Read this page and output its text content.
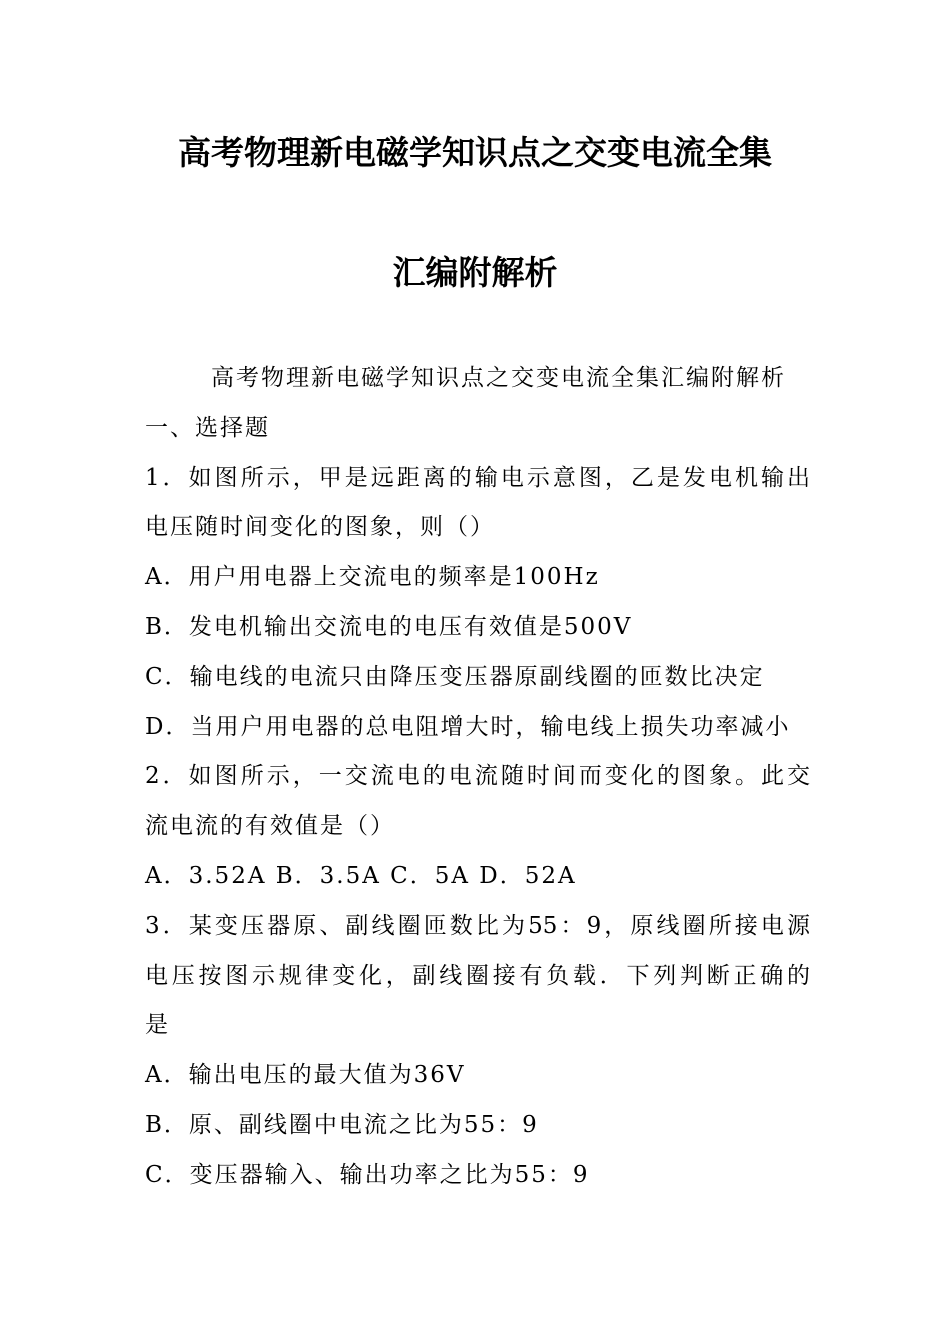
高考物理新电磁学知识点之交变电流全集
汇编附解析
高考物理新电磁学知识点之交变电流全集汇编附解析
一、选择题
1．如图所示，甲是远距离的输电示意图，乙是发电机输出
电压随时间变化的图象，则（）
A．用户用电器上交流电的频率是100Hz
B．发电机输出交流电的电压有效值是500V
C．输电线的电流只由降压变压器原副线圈的匝数比决定
D．当用户用电器的总电阻增大时，输电线上损失功率减小
2．如图所示，一交流电的电流随时间而变化的图象。此交
流电流的有效值是（）
A．3.52A B．3.5A C．5A D．52A
3．某变压器原、副线圈匝数比为55：9，原线圈所接电源
电压按图示规律变化，副线圈接有负载．下列判断正确的
是
A．输出电压的最大值为36V
B．原、副线圈中电流之比为55：9
C．变压器输入、输出功率之比为55：9
